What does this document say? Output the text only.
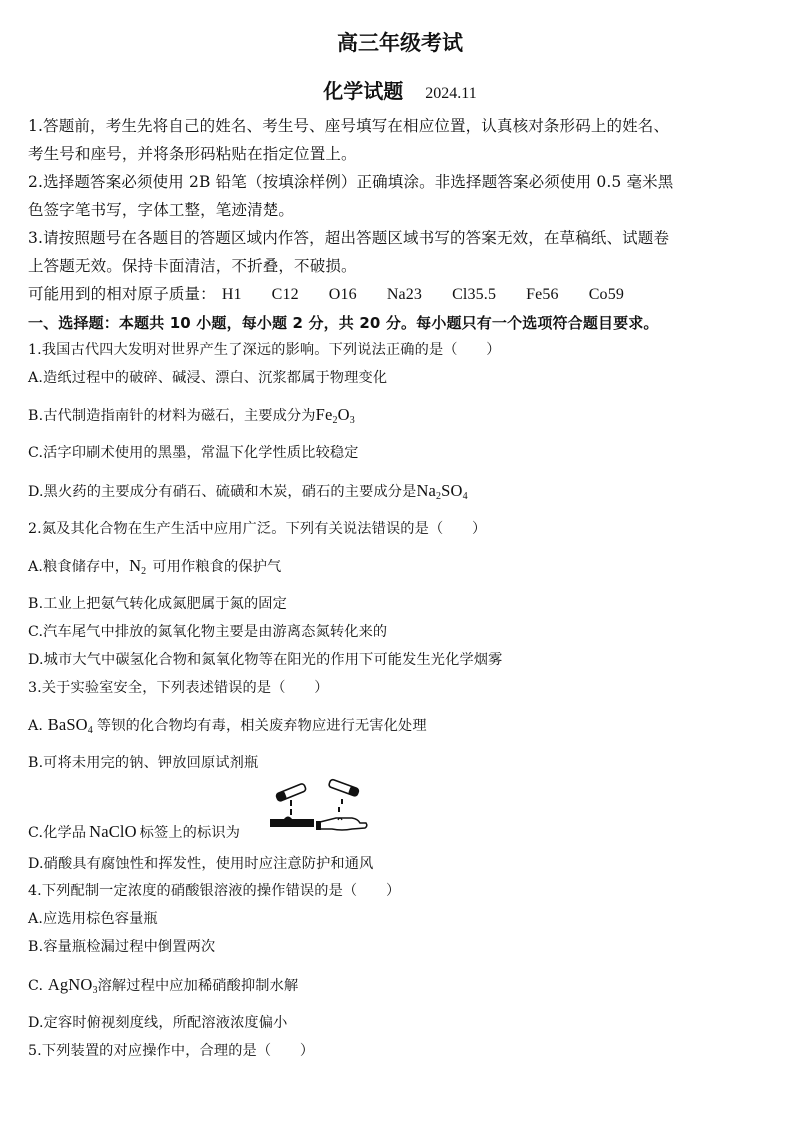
高三年级考试
化学试题 2024.11
1.答题前，考生先将自己的姓名、考生号、座号填写在相应位置，认真核对条形码上的姓名、
考生号和座号，并将条形码粘贴在指定位置上。
2.选择题答案必须使用 2B 铅笔（按填涂样例）正确填涂。非选择题答案必须使用 0.5 毫米黑
色签字笔书写，字体工整，笔迹清楚。
3.请按照题号在各题目的答题区域内作答，超出答题区域书写的答案无效，在草稿纸、试题卷
上答题无效。保持卡面清洁，不折叠，不破损。
可能用到的相对原子质量： H1 C12 O16 Na23 Cl35.5 Fe56 Co59
一、选择题：本题共 10 小题，每小题 2 分，共 20 分。每小题只有一个选项符合题目要求。
1.我国古代四大发明对世界产生了深远的影响。下列说法正确的是（　　）
A.造纸过程中的破碎、碱浸、漂白、沉浆都属于物理变化
B.古代制造指南针的材料为磁石，主要成分为$Fe_2O_3$
C.活字印刷术使用的黑墨，常温下化学性质比较稳定
D.黑火药的主要成分有硝石、硫磺和木炭，硝石的主要成分是$Na_2SO_4$
2.氮及其化合物在生产生活中应用广泛。下列有关说法错误的是（　　）
A.粮食储存中，$N_2$ 可用作粮食的保护气
B.工业上把氨气转化成氮肥属于氮的固定
C.汽车尾气中排放的氮氧化物主要是由游离态氮转化来的
D.城市大气中碳氢化合物和氮氧化物等在阳光的作用下可能发生光化学烟雾
3.关于实验室安全，下列表述错误的是（　　）
A. BaSO$_4$ 等钡的化合物均有毒，相关废弃物应进行无害化处理
B.可将未用完的钠、钾放回原试剂瓶
C.化学品 NaClO 标签上的标识为
D.硝酸具有腐蚀性和挥发性，使用时应注意防护和通风
4.下列配制一定浓度的硝酸银溶液的操作错误的是（　　）
A.应选用棕色容量瓶
B.容量瓶检漏过程中倒置两次
C. AgNO$_3$溶解过程中应加稀硝酸抑制水解
D.定容时俯视刻度线，所配溶液浓度偏小
5.下列装置的对应操作中，合理的是（　　）
